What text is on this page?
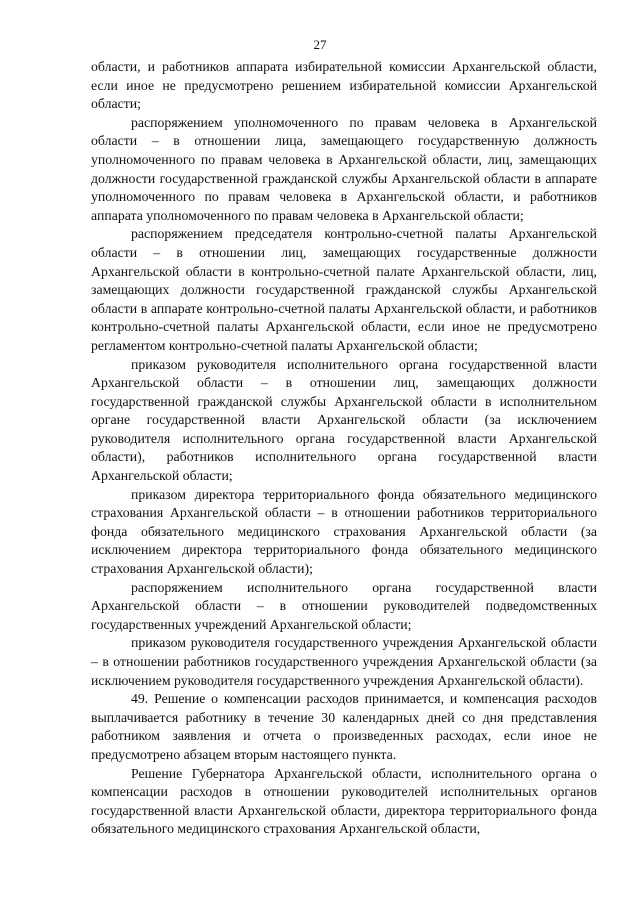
27

области, и работников аппарата избирательной комиссии Архангельской области, если иное не предусмотрено решением избирательной комиссии Архангельской области;

распоряжением уполномоченного по правам человека в Архангельской области – в отношении лица, замещающего государственную должность уполномоченного по правам человека в Архангельской области, лиц, замещающих должности государственной гражданской службы Архангельской области в аппарате уполномоченного по правам человека в Архангельской области, и работников аппарата уполномоченного по правам человека в Архангельской области;

распоряжением председателя контрольно-счетной палаты Архангельской области – в отношении лиц, замещающих государственные должности Архангельской области в контрольно-счетной палате Архангельской области, лиц, замещающих должности государственной гражданской службы Архангельской области в аппарате контрольно-счетной палаты Архангельской области, и работников контрольно-счетной палаты Архангельской области, если иное не предусмотрено регламентом контрольно-счетной палаты Архангельской области;

приказом руководителя исполнительного органа государственной власти Архангельской области – в отношении лиц, замещающих должности государственной гражданской службы Архангельской области в исполнительном органе государственной власти Архангельской области (за исключением руководителя исполнительного органа государственной власти Архангельской области), работников исполнительного органа государственной власти Архангельской области;

приказом директора территориального фонда обязательного медицинского страхования Архангельской области – в отношении работников территориального фонда обязательного медицинского страхования Архангельской области (за исключением директора территориального фонда обязательного медицинского страхования Архангельской области);

распоряжением исполнительного органа государственной власти Архангельской области – в отношении руководителей подведомственных государственных учреждений Архангельской области;

приказом руководителя государственного учреждения Архангельской области – в отношении работников государственного учреждения Архангельской области (за исключением руководителя государственного учреждения Архангельской области).

49. Решение о компенсации расходов принимается, и компенсация расходов выплачивается работнику в течение 30 календарных дней со дня представления работником заявления и отчета о произведенных расходах, если иное не предусмотрено абзацем вторым настоящего пункта.

Решение Губернатора Архангельской области, исполнительного органа о компенсации расходов в отношении руководителей исполнительных органов государственной власти Архангельской области, директора территориального фонда обязательного медицинского страхования Архангельской области,
